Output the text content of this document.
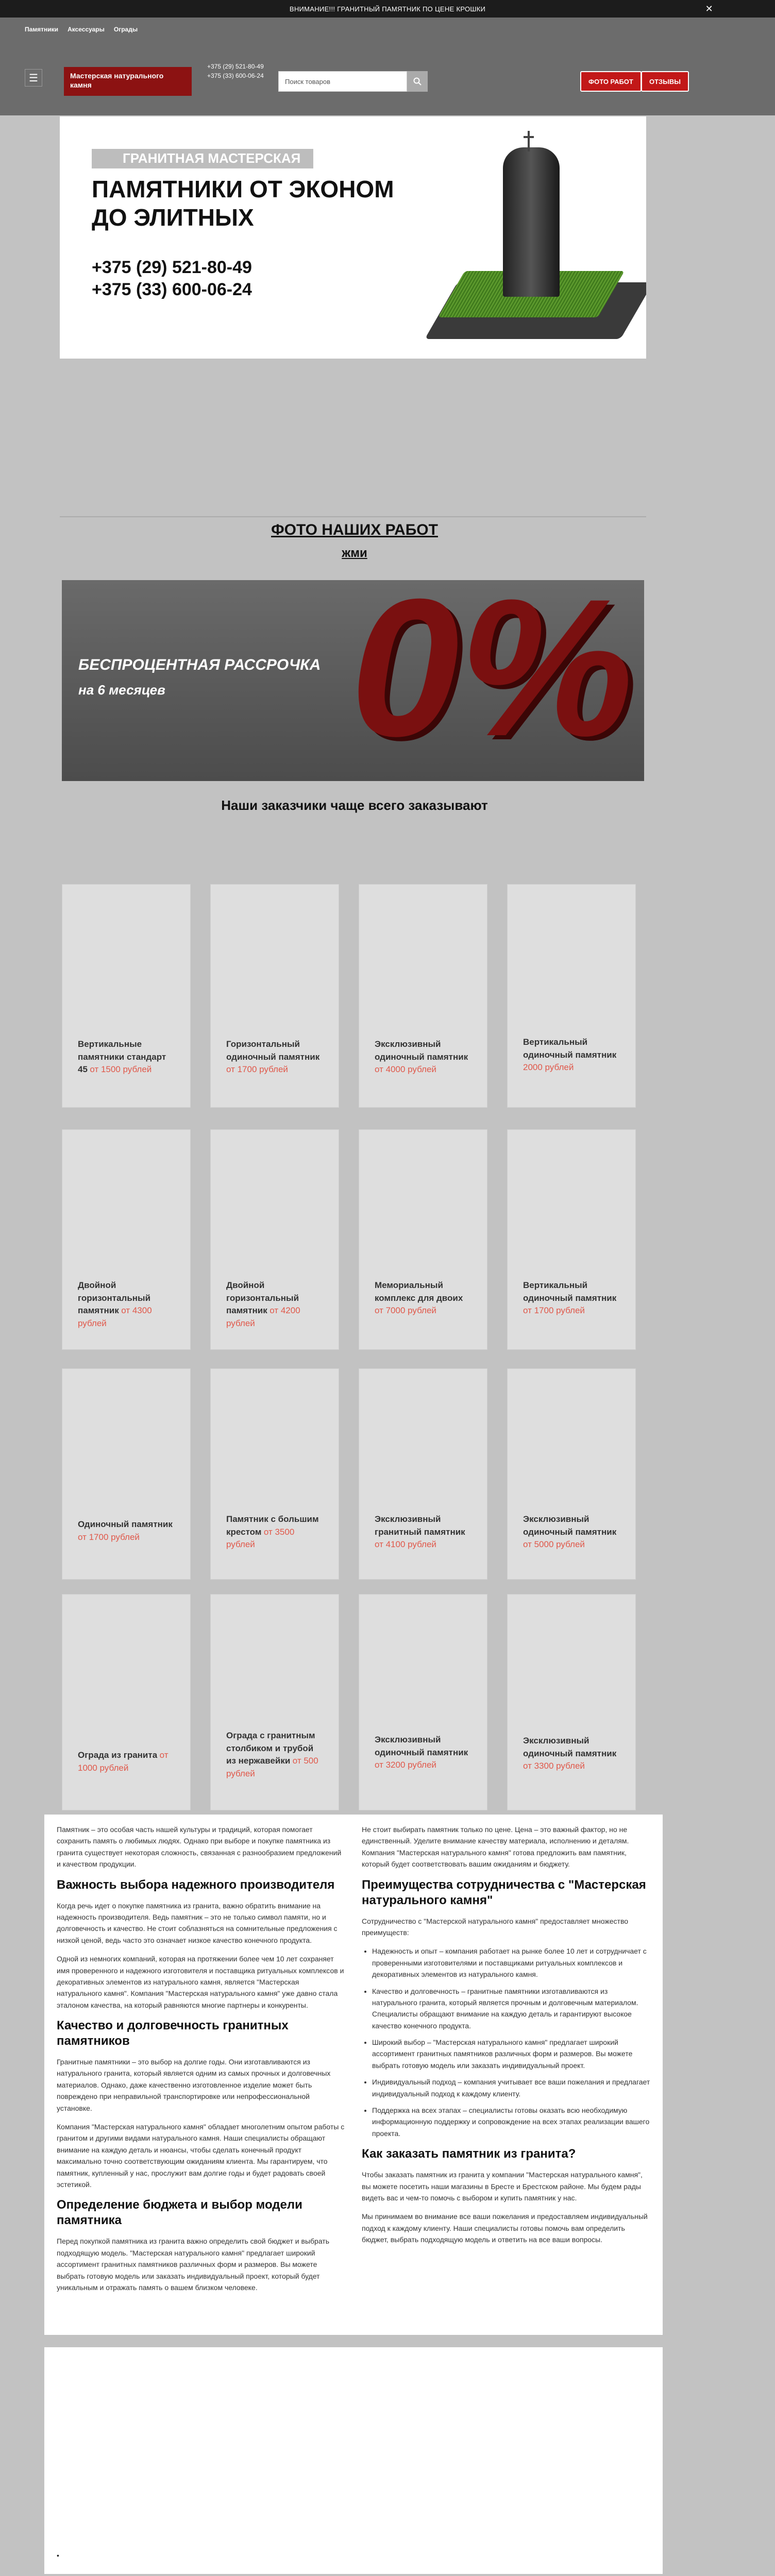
ВНИМАНИЕ!!! ГРАНИТНЫЙ ПАМЯТНИК ПО ЦЕНЕ КРОШКИ	✕
Памятники Аксессуары Ограды
☰	Мастерская натурального камня
+375 (29) 521-80-49
+375 (33) 600-06-24
Поиск товаров	ФОТО РАБОТ	ОТЗЫВЫ
ГРАНИТНАЯ МАСТЕРСКАЯ
ПАМЯТНИКИ ОТ ЭКОНОМ ДО ЭЛИТНЫХ
+375 (29) 521-80-49
+375 (33) 600-06-24
ФОТО НАШИХ РАБОТ
жми
БЕСПРОЦЕНТНАЯ РАССРОЧКА
на 6 месяцев 0%
Наши заказчики чаще всего заказывают
Вертикальные памятники стандарт 45 от 1500 рублей
Горизонтальный одиночный памятник от 1700 рублей
Эксклюзивный одиночный памятник от 4000 рублей
Вертикальный одиночный памятник 2000 рублей
Двойной горизонтальный памятник от 4300 рублей
Двойной горизонтальный памятник от 4200 рублей
Мемориальный комплекс для двоих от 7000 рублей
Вертикальный одиночный памятник от 1700 рублей
Одиночный памятник от 1700 рублей
Памятник с большим крестом от 3500 рублей
Эксклюзивный гранитный памятник от 4100 рублей
Эксклюзивный одиночный памятник от 5000 рублей
Ограда из гранита от 1000 рублей
Ограда с гранитным столбиком и трубой из нержавейки от 500 рублей
Эксклюзивный одиночный памятник от 3200 рублей
Эксклюзивный одиночный памятник от 3300 рублей

Памятник – это особая часть нашей культуры и традиций, которая помогает сохранить память о любимых людях. Однако при выборе и покупке памятника из гранита существует некоторая сложность, связанная с разнообразием предложений и качеством продукции.

Важность выбора надежного производителя

Когда речь идет о покупке памятника из гранита, важно обратить внимание на надежность производителя. Ведь памятник – это не только символ памяти, но и долговечность и качество. Не стоит соблазняться на сомнительные предложения с низкой ценой, ведь часто это означает низкое качество конечного продукта.

Одной из немногих компаний, которая на протяжении более чем 10 лет сохраняет имя проверенного и надежного изготовителя и поставщика ритуальных комплексов и декоративных элементов из натурального камня, является "Мастерская натурального камня". Компания "Мастерская натурального камня" уже давно стала эталоном качества, на который равняются многие партнеры и конкуренты.

Качество и долговечность гранитных памятников

Гранитные памятники – это выбор на долгие годы. Они изготавливаются из натурального гранита, который является одним из самых прочных и долговечных материалов. Однако, даже качественно изготовленное изделие может быть повреждено при неправильной транспортировке или непрофессиональной установке.

Компания "Мастерская натурального камня" обладает многолетним опытом работы с гранитом и другими видами натурального камня. Наши специалисты обращают внимание на каждую деталь и нюансы, чтобы сделать конечный продукт максимально точно соответствующим ожиданиям клиента. Мы гарантируем, что памятник, купленный у нас, прослужит вам долгие годы и будет радовать своей эстетикой.

Определение бюджета и выбор модели памятника

Перед покупкой памятника из гранита важно определить свой бюджет и выбрать подходящую модель. "Мастерская натурального камня" предлагает широкий ассортимент гранитных памятников различных форм и размеров. Вы можете выбрать готовую модель или заказать индивидуальный проект, который будет уникальным и отражать память о вашем близком человеке.

Не стоит выбирать памятник только по цене. Цена – это важный фактор, но не единственный. Уделите внимание качеству материала, исполнению и деталям. Компания "Мастерская натурального камня" готова предложить вам памятник, который будет соответствовать вашим ожиданиям и бюджету.

Преимущества сотрудничества с "Мастерская натурального камня"

Сотрудничество с "Мастерской натурального камня" предоставляет множество преимуществ:

• Надежность и опыт – компания работает на рынке более 10 лет и сотрудничает с проверенными изготовителями и поставщиками ритуальных комплексов и декоративных элементов из натурального камня.
• Качество и долговечность – гранитные памятники изготавливаются из натурального гранита, который является прочным и долговечным материалом. Специалисты обращают внимание на каждую деталь и гарантируют высокое качество конечного продукта.
• Широкий выбор – "Мастерская натурального камня" предлагает широкий ассортимент гранитных памятников различных форм и размеров. Вы можете выбрать готовую модель или заказать индивидуальный проект.
• Индивидуальный подход – компания учитывает все ваши пожелания и предлагает индивидуальный подход к каждому клиенту.
• Поддержка на всех этапах – специалисты готовы оказать всю необходимую информационную поддержку и сопровождение на всех этапах реализации вашего проекта.
Как заказать памятник из гранита?

Чтобы заказать памятник из гранита у компании "Мастерская натурального камня", вы можете посетить наши магазины в Бресте и Брестском районе. Мы будем рады видеть вас и чем-то помочь с выбором и купить памятник у нас.

Мы принимаем во внимание все ваши пожелания и предоставляем индивидуальный подход к каждому клиенту. Наши специалисты готовы помочь вам определить бюджет, выбрать подходящую модель и ответить на все ваши вопросы.

•
